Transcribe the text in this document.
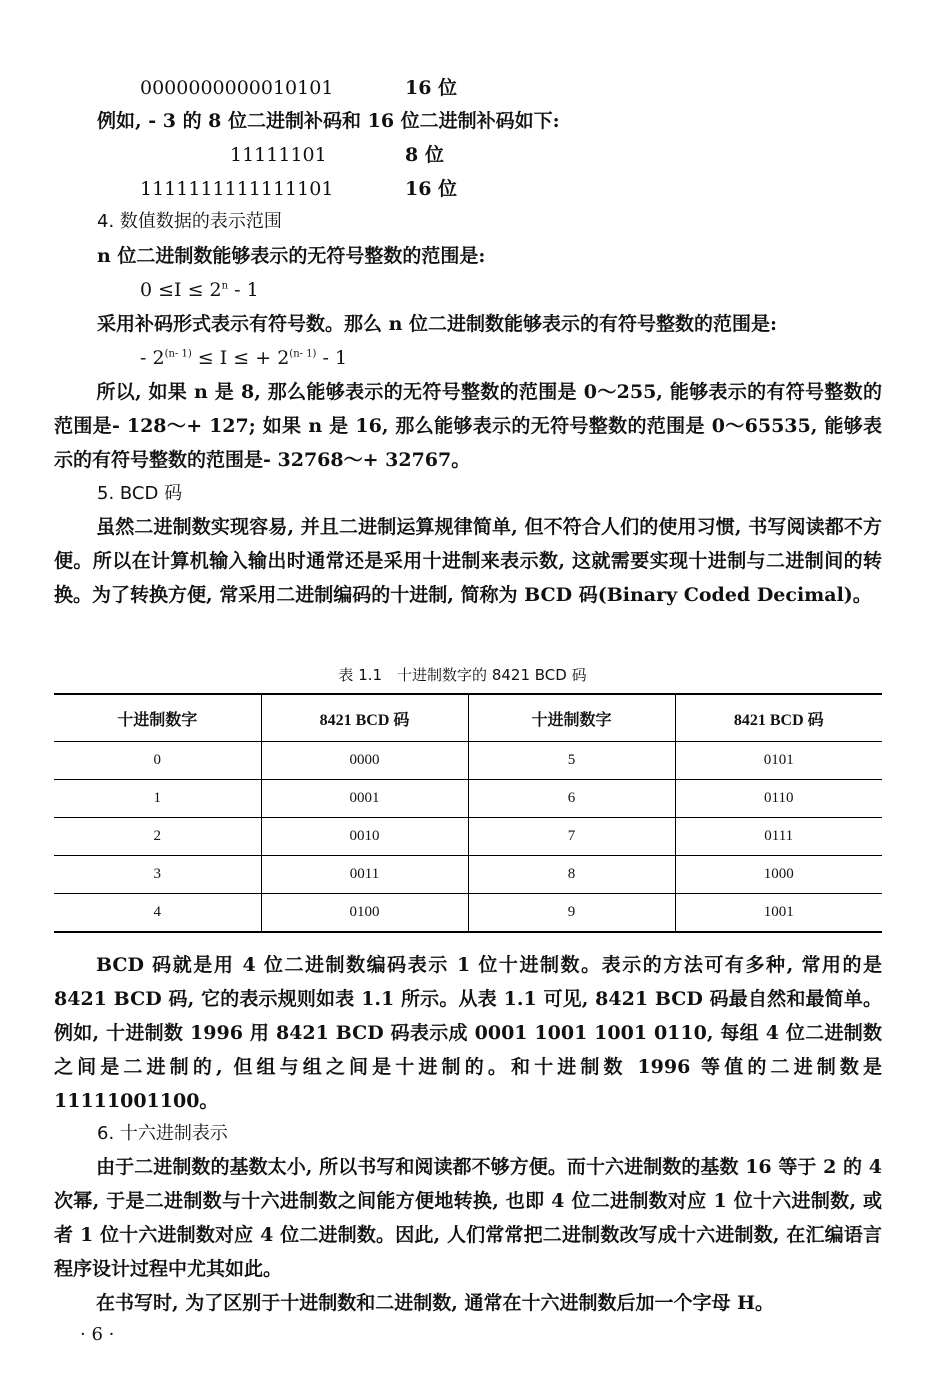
0000000000010101	16 位
例如, - 3 的 8 位二进制补码和 16 位二进制补码如下:
11111101	8 位
1111111111111101	16 位
4. 数值数据的表示范围
n 位二进制数能够表示的无符号整数的范围是:
$0 \le I \le 2^n - 1$
采用补码形式表示有符号数。那么 n 位二进制数能够表示的有符号整数的范围是:
- $2^{(n- 1)} \le I$ ≤ + $2^{(n- 1)} - 1$
所以, 如果 n 是 8, 那么能够表示的无符号整数的范围是 0～255, 能够表示的有符号整数的范围是- 128～+ 127; 如果 n 是 16, 那么能够表示的无符号整数的范围是 0～65535, 能够表示的有符号整数的范围是- 32768～+ 32767。
5. BCD 码
虽然二进制数实现容易, 并且二进制运算规律简单, 但不符合人们的使用习惯, 书写阅读都不方便。所以在计算机输入输出时通常还是采用十进制来表示数, 这就需要实现十进制与二进制间的转换。为了转换方便, 常采用二进制编码的十进制, 简称为 BCD 码(Binary Coded Decimal)。
表 1.1　十进制数字的 8421 BCD 码
十进制数字	8421 BCD 码	十进制数字	8421 BCD 码
0	0000	5	0101
1	0001	6	0110
2	0010	7	0111
3	0011	8	1000
4	0100	9	1001
BCD 码就是用 4 位二进制数编码表示 1 位十进制数。表示的方法可有多种, 常用的是 8421 BCD 码, 它的表示规则如表 1.1 所示。从表 1.1 可见, 8421 BCD 码最自然和最简单。例如, 十进制数 1996 用 8421 BCD 码表示成 0001 1001 1001 0110, 每组 4 位二进制数之间是二进制的, 但组与组之间是十进制的。和十进制数 1996 等值的二进制数是 11111001100。
6. 十六进制表示
由于二进制数的基数太小, 所以书写和阅读都不够方便。而十六进制数的基数 16 等于 2 的 4 次幂, 于是二进制数与十六进制数之间能方便地转换, 也即 4 位二进制数对应 1 位十六进制数, 或者 1 位十六进制数对应 4 位二进制数。因此, 人们常常把二进制数改写成十六进制数, 在汇编语言程序设计过程中尤其如此。
在书写时, 为了区别于十进制数和二进制数, 通常在十六进制数后加一个字母 H。
· 6 ·
